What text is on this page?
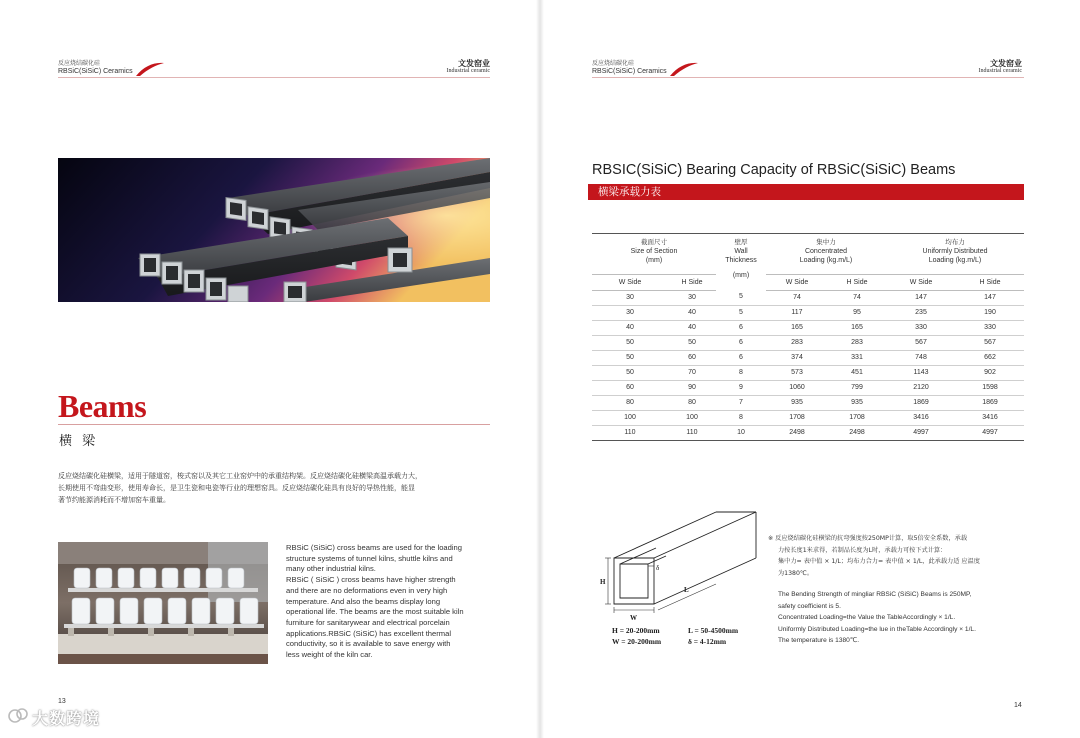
反应烧结碳化硅
RBSiC(SiSiC) Ceramics
文发窑业
Industrial ceramic
Beams
横 梁
反应烧结碳化硅横梁，适用于隧道窑，梭式窑以及其它工业窑炉中的承重结构架。反应烧结碳化硅横梁高温承载力大，
长期使用不弯曲变形，使用寿命长，是卫生瓷和电瓷等行业的理想窑具。反应烧结碳化硅具有良好的导热性能，能显
著节约能源消耗而不增加窑车重量。
RBSiC (SiSiC) cross beams are used for the loading
structure systems of tunnel kilns, shuttle kilns and
many other industrial kilns.
RBSiC ( SiSiC ) cross beams have higher strength
and there are no deformations even in very high
temperature. And also the beams display long
operational life. The beams are the most suitable kiln
furniture for sanitarywear and electrical porcelain
applications.RBSiC (SiSiC) has excellent thermal
conductivity, so it is available to save energy with
less weight of the kiln car.
13
大数跨境
反应烧结碳化硅
RBSiC(SiSiC) Ceramics
文发窑业
Industrial ceramic
RBSIC(SiSiC) Bearing Capacity of RBSiC(SiSiC) Beams
横梁承载力表

截面尺寸
Size of Section
(mm)		壁厚
Wall
Thickness
(mm)	集中力
Concentrated
Loading (kg.m/L)		均布力
Uniformly Distributed
Loading (kg.m/L)	

W Side	H Side		W Side	H Side	W Side	H Side
30	30	5	74	74	147	147
30	40	5	117	95	235	190
40	40	6	165	165	330	330
50	50	6	283	283	567	567
50	60	6	374	331	748	662
50	70	8	573	451	1143	902
60	90	9	1060	799	2120	1598
80	80	7	935	935	1869	1869
100	100	8	1708	1708	3416	3416
110	110	10	2498	2498	4997	4997
H
W
L
δ
H = 20-200mm
W = 20-200mm
L = 50-4500mm
δ = 4-12mm
※ 反应烧结碳化硅横梁的抗弯强度按250MP计算，取5倍安全系数，承载
力按长度1米求得，若制品长度为L时，承载力可按下式计算：
集中力= 表中值 × 1/L；均布力合力= 表中值 × 1/L，此承载力适 应温度
为1380℃。
The Bending Strength of mingliar RBSiC (SiSiC) Beams is 250MP,
safety coefficient is 5.
Concentrated Loading=the Value the TableAccordingly × 1/L.
Uniformly Distributed Loading=the lue in theTable Accordingly × 1/L.
The temperature is 1380℃.
14
